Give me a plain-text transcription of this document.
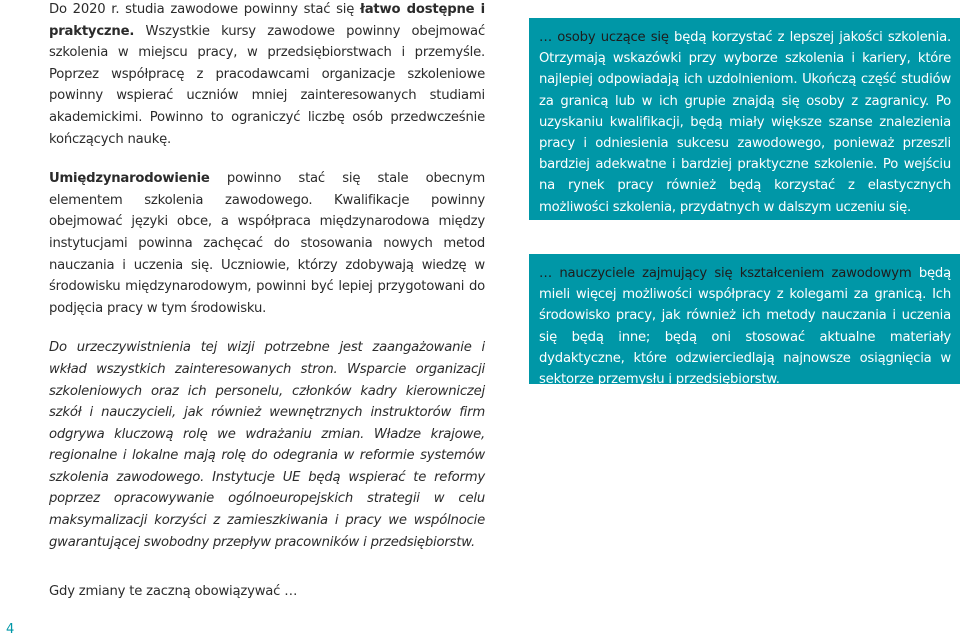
Do 2020 r. studia zawodowe powinny stać się łatwo dostępne i praktyczne. Wszystkie kursy zawodowe powinny obejmować szkolenia w miejscu pracy, w przedsiębiorstwach i przemyśle. Poprzez współpracę z pracodawcami organizacje szkoleniowe powinny wspierać uczniów mniej zainteresowanych studiami akademickimi. Powinno to ograniczyć liczbę osób przedwcześnie kończących naukę.

Umiędzynarodowienie powinno stać się stale obecnym elementem szkolenia zawodowego. Kwalifikacje powinny obejmować języki obce, a współpraca międzynarodowa między instytucjami powinna zachęcać do stosowania nowych metod nauczania i uczenia się. Uczniowie, którzy zdobywają wiedzę w środowisku międzynarodowym, powinni być lepiej przygotowani do podjęcia pracy w tym środowisku.

Do urzeczywistnienia tej wizji potrzebne jest zaangażowanie i wkład wszystkich zainteresowanych stron. Wsparcie organizacji szkoleniowych oraz ich personelu, członków kadry kierowniczej szkół i nauczycieli, jak również wewnętrznych instruktorów firm odgrywa kluczową rolę we wdrażaniu zmian. Władze krajowe, regionalne i lokalne mają rolę do odegrania w reformie systemów szkolenia zawodowego. Instytucje UE będą wspierać te reformy poprzez opracowywanie ogólnoeuropejskich strategii w celu maksymalizacji korzyści z zamieszkiwania i pracy we wspólnocie gwarantującej swobodny przepływ pracowników i przedsiębiorstw.

Gdy zmiany te zaczną obowiązywać …

… osoby uczące się będą korzystać z lepszej jakości szkolenia. Otrzymają wskazówki przy wyborze szkolenia i kariery, które najlepiej odpowiadają ich uzdolnieniom. Ukończą część studiów za granicą lub w ich grupie znajdą się osoby z zagranicy. Po uzyskaniu kwalifikacji, będą miały większe szanse znalezienia pracy i odniesienia sukcesu zawodowego, ponieważ przeszli bardziej adekwatne i bardziej praktyczne szkolenie. Po wejściu na rynek pracy również będą korzystać z elastycznych możliwości szkolenia, przydatnych w dalszym uczeniu się.

… nauczyciele zajmujący się kształceniem zawodowym będą mieli więcej możliwości współpracy z kolegami za granicą. Ich środowisko pracy, jak również ich metody nauczania i uczenia się będą inne; będą oni stosować aktualne materiały dydaktyczne, które odzwierciedlają najnowsze osiągnięcia w sektorze przemysłu i przedsiębiorstw.

4
